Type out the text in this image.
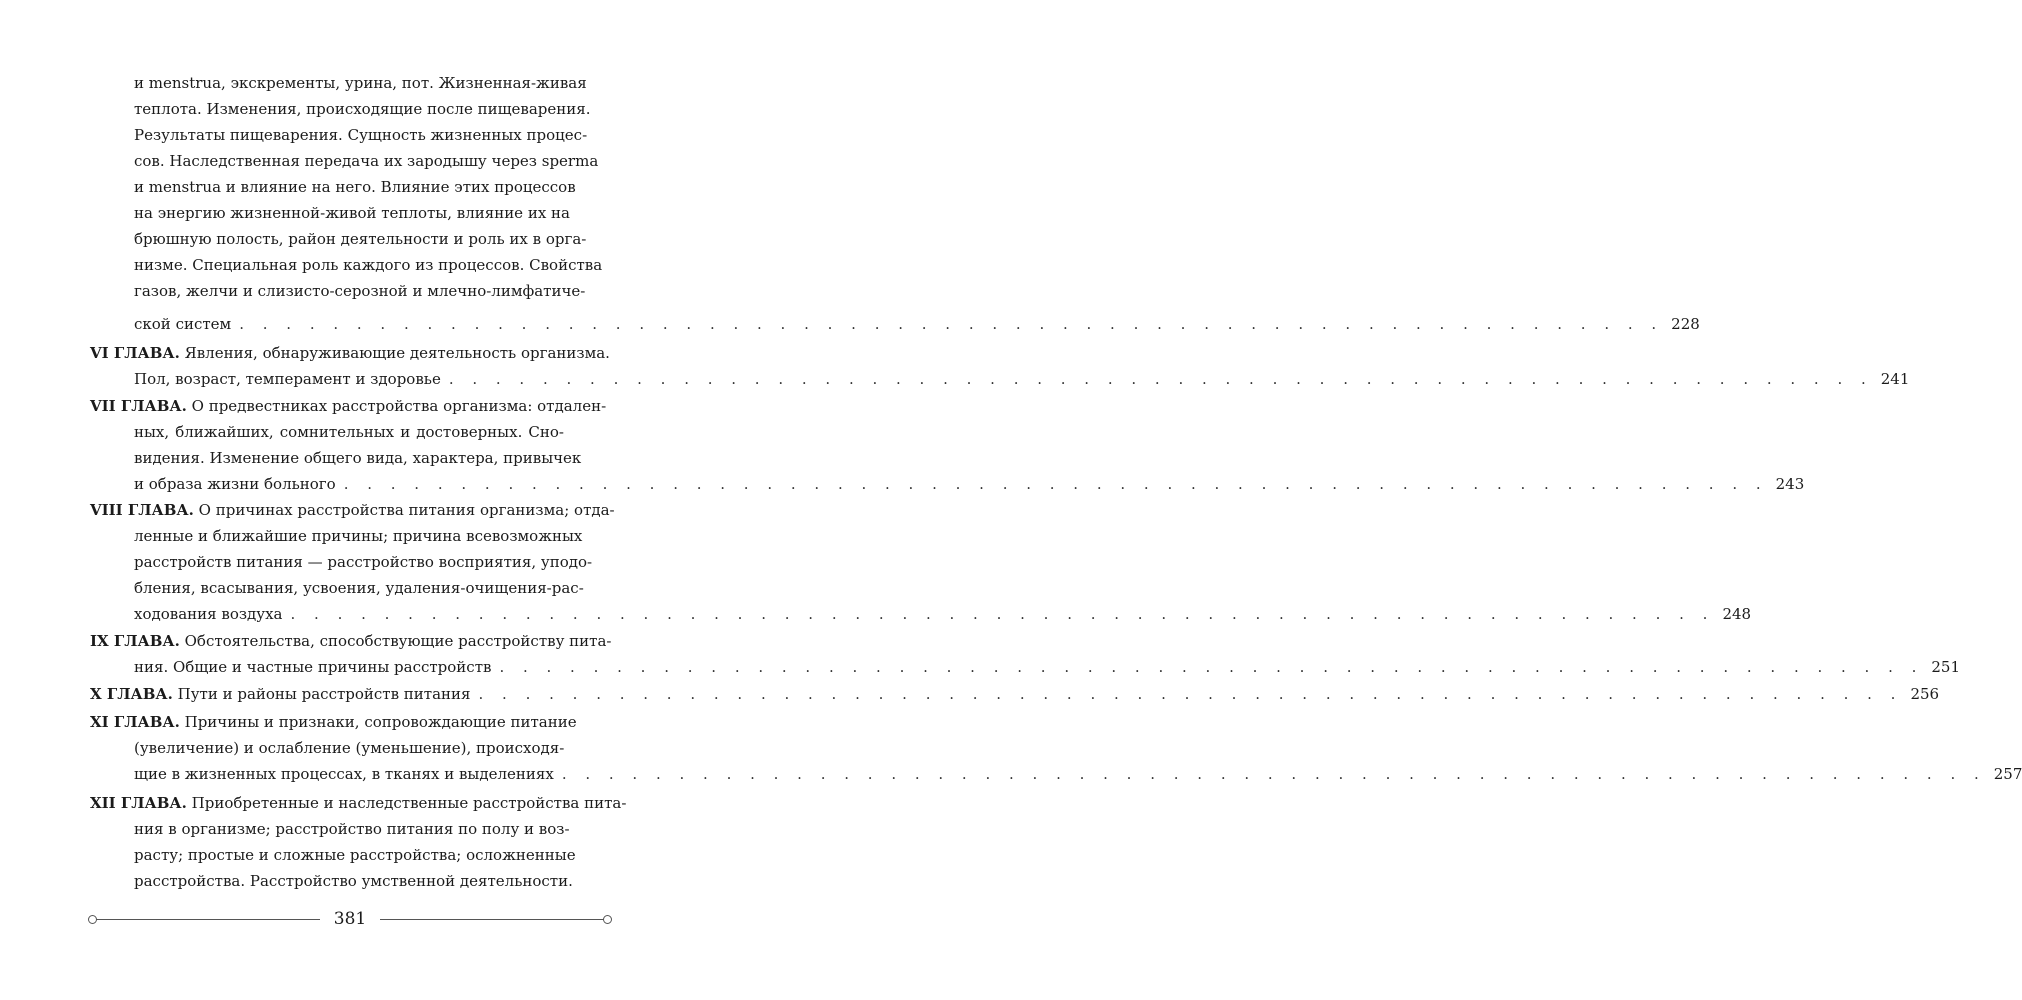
и menstrua, экскременты, урина, пот. Жизненная-живая
теплота. Изменения, происходящие после пищеварения.
Результаты пищеварения. Сущность жизненных процес-
сов. Наследственная передача их зародышу через sperma
и menstrua и влияние на него. Влияние этих процессов
на энергию жизненной-живой теплоты, влияние их на
брюшную полость, район деятельности и роль их в орга-
низме. Специальная роль каждого из процессов. Свойства
газов, желчи и слизисто-серозной и млечно-лимфатиче-
ской систем . . . . . . . . . . . . . . . . . . . . . . . . . . . . . . . . . . . . . . . . . . . . . . . . . . . . . . . . . . . . . 228
VI ГЛАВА. Явления, обнаруживающие деятельность организма.
Пол, возраст, темперамент и здоровье . . . . . . . . . . . . . . . . . . . . . . . . . . . . . . . . . . . . . . . . . . . . . . . . . . . . . . . . . . . . . 241
VII ГЛАВА. О предвестниках расстройства организма: отдален-
ных, ближайших, сомнительных и достоверных. Сно-
видения. Изменение общего вида, характера, привычек
и образа жизни больного . . . . . . . . . . . . . . . . . . . . . . . . . . . . . . . . . . . . . . . . . . . . . . . . . . . . . . . . . . . . . 243
VIII ГЛАВА. О причинах расстройства питания организма; отда-
ленные и ближайшие причины; причина всевозможных
расстройств питания — расстройство восприятия, уподо-
бления, всасывания, усвоения, удаления-очищения-рас-
ходования воздуха . . . . . . . . . . . . . . . . . . . . . . . . . . . . . . . . . . . . . . . . . . . . . . . . . . . . . . . . . . . . . 248
IX ГЛАВА. Обстоятельства, способствующие расстройству пита-
ния. Общие и частные причины расстройств . . . . . . . . . . . . . . . . . . . . . . . . . . . . . . . . . . . . . . . . . . . . . . . . . . . . . . . . . . . . . 251
X ГЛАВА. Пути и районы расстройств питания . . . . . . . . . . . . . . . . . . . . . . . . . . . . . . . . . . . . . . . . . . . . . . . . . . . . . . . . . . . . . 256
XI ГЛАВА. Причины и признаки, сопровождающие питание
(увеличение) и ослабление (уменьшение), происходя-
щие в жизненных процессах, в тканях и выделениях . . . . . . . . . . . . . . . . . . . . . . . . . . . . . . . . . . . . . . . . . . . . . . . . . . . . . . . . . . . . . 257
XII ГЛАВА. Приобретенные и наследственные расстройства пита-
ния в организме; расстройство питания по полу и воз-
расту; простые и сложные расстройства; осложненные
расстройства. Расстройство умственной деятельности.
381
